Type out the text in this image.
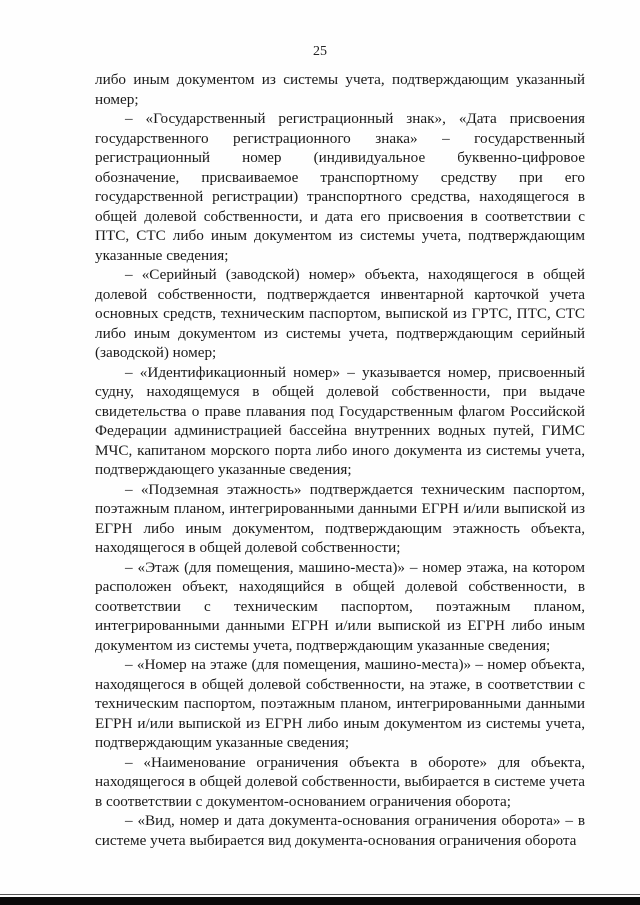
25

либо иным документом из системы учета, подтверждающим указанный номер;

– «Государственный регистрационный знак», «Дата присвоения государственного регистрационного знака» – государственный регистрационный номер (индивидуальное буквенно-цифровое обозначение, присваиваемое транспортному средству при его государственной регистрации) транспортного средства, находящегося в общей долевой собственности, и дата его присвоения в соответствии с ПТС, СТС либо иным документом из системы учета, подтверждающим указанные сведения;

– «Серийный (заводской) номер» объекта, находящегося в общей долевой собственности, подтверждается инвентарной карточкой учета основных средств, техническим паспортом, выпиской из ГРТС, ПТС, СТС либо иным документом из системы учета, подтверждающим серийный (заводской) номер;

– «Идентификационный номер» – указывается номер, присвоенный судну, находящемуся в общей долевой собственности, при выдаче свидетельства о праве плавания под Государственным флагом Российской Федерации администрацией бассейна внутренних водных путей, ГИМС МЧС, капитаном морского порта либо иного документа из системы учета, подтверждающего указанные сведения;

– «Подземная этажность» подтверждается техническим паспортом, поэтажным планом, интегрированными данными ЕГРН и/или выпиской из ЕГРН либо иным документом, подтверждающим этажность объекта, находящегося в общей долевой собственности;

– «Этаж (для помещения, машино-места)» – номер этажа, на котором расположен объект, находящийся в общей долевой собственности, в соответствии с техническим паспортом, поэтажным планом, интегрированными данными ЕГРН и/или выпиской из ЕГРН либо иным документом из системы учета, подтверждающим указанные сведения;

– «Номер на этаже (для помещения, машино-места)» – номер объекта, находящегося в общей долевой собственности, на этаже, в соответствии с техническим паспортом, поэтажным планом, интегрированными данными ЕГРН и/или выпиской из ЕГРН либо иным документом из системы учета, подтверждающим указанные сведения;

– «Наименование ограничения объекта в обороте» для объекта, находящегося в общей долевой собственности, выбирается в системе учета в соответствии с документом-основанием ограничения оборота;

– «Вид, номер и дата документа-основания ограничения оборота» – в системе учета выбирается вид документа-основания ограничения оборота
